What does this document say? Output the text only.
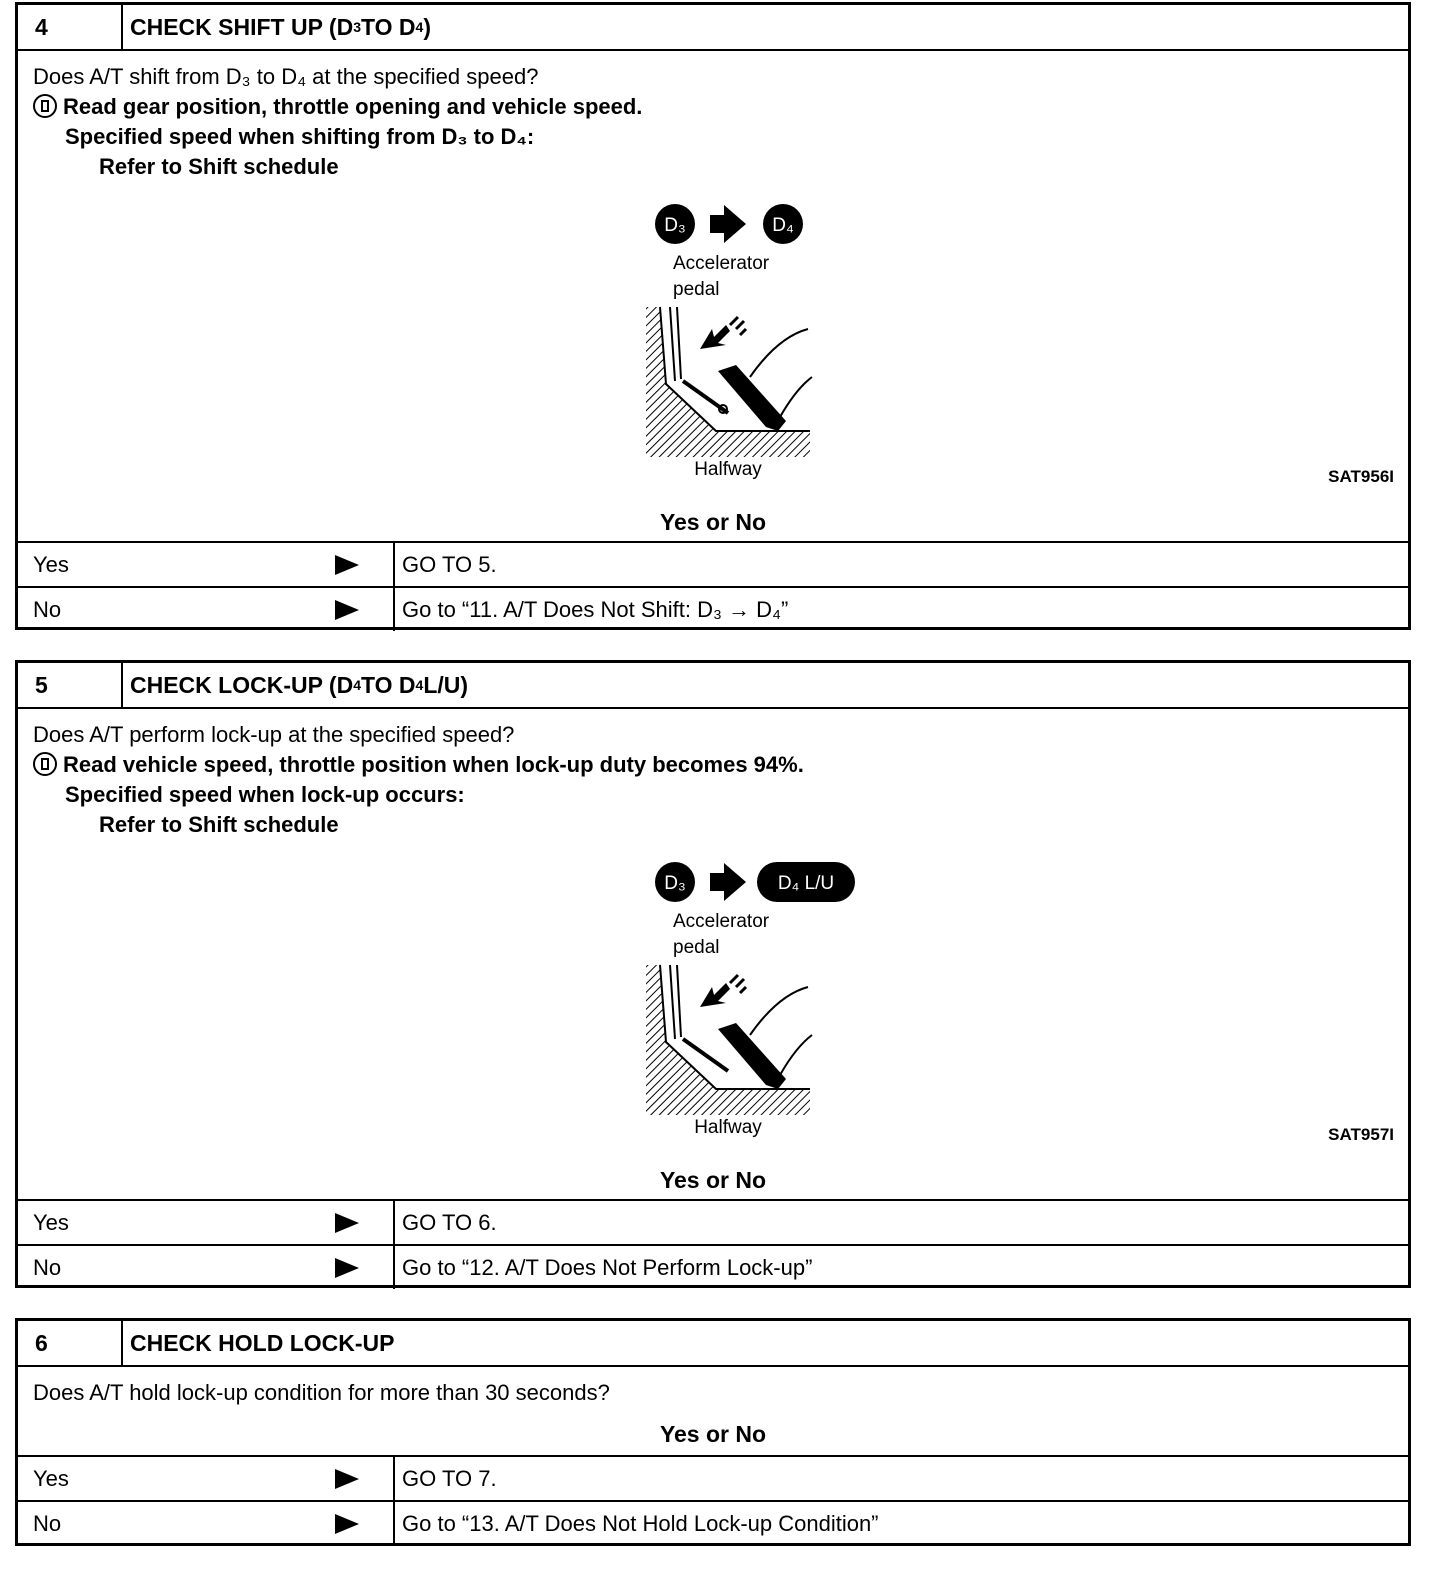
4	CHECK SHIFT UP (D 3 TO D 4 )
Does A/T shift from D₃ to D₄ at the specified speed?
Read gear position, throttle opening and vehicle speed.
Specified speed when shifting from D₃ to D₄:
Refer to Shift schedule
D₃	D₄
Accelerator
pedal
Halfway	SAT956I
Yes or No
Yes	GO TO 5.
No	Go to “11. A/T Does Not Shift: D₃ → D₄”
5	CHECK LOCK-UP (D 4 TO D 4 L/U)
Does A/T perform lock-up at the specified speed?
Read vehicle speed, throttle position when lock-up duty becomes 94%.
Specified speed when lock-up occurs:
Refer to Shift schedule
D₃	D₄ L/U
Accelerator
pedal
Halfway	SAT957I
Yes or No
Yes	GO TO 6.
No	Go to “12. A/T Does Not Perform Lock-up”
6	CHECK HOLD LOCK-UP
Does A/T hold lock-up condition for more than 30 seconds?
Yes or No
Yes	GO TO 7.
No	Go to “13. A/T Does Not Hold Lock-up Condition”
